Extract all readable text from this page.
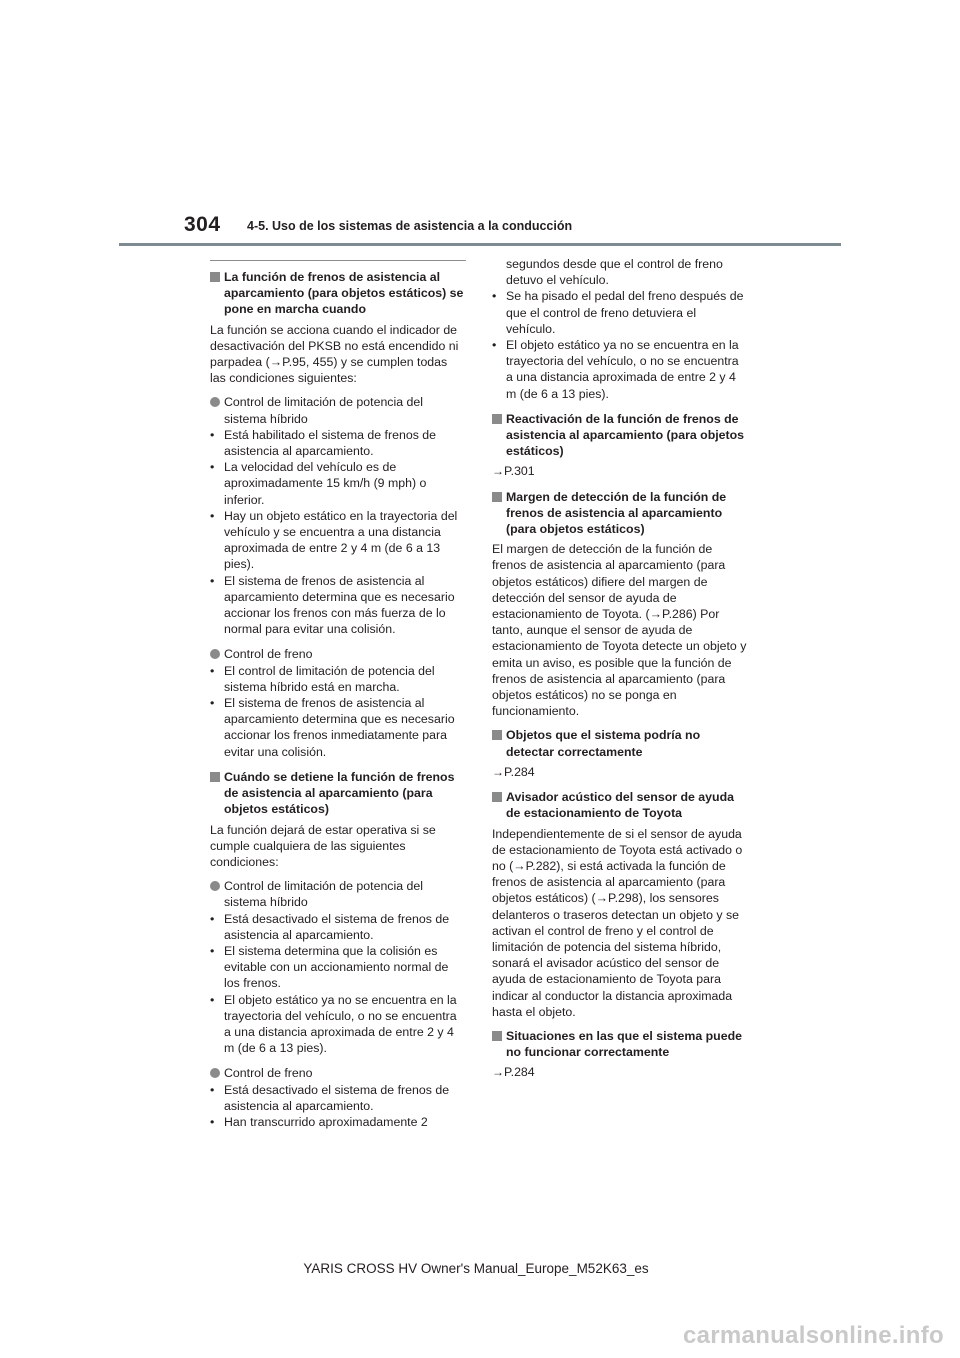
304 4-5. Uso de los sistemas de asistencia a la conducción
La función de frenos de asistencia al aparcamiento (para objetos estáticos) se pone en marcha cuando

La función se acciona cuando el indicador de desactivación del PKSB no está encendido ni parpadea (→P.95, 455) y se cumplen todas las condiciones siguientes:

Control de limitación de potencia del sistema híbrido
• Está habilitado el sistema de frenos de asistencia al aparcamiento.
• La velocidad del vehículo es de aproximadamente 15 km/h (9 mph) o inferior.
• Hay un objeto estático en la trayectoria del vehículo y se encuentra a una distancia aproximada de entre 2 y 4 m (de 6 a 13 pies).
• El sistema de frenos de asistencia al aparcamiento determina que es necesario accionar los frenos con más fuerza de lo normal para evitar una colisión.
Control de freno
• El control de limitación de potencia del sistema híbrido está en marcha.
• El sistema de frenos de asistencia al aparcamiento determina que es necesario accionar los frenos inmediatamente para evitar una colisión.
Cuándo se detiene la función de frenos de asistencia al aparcamiento (para objetos estáticos)

La función dejará de estar operativa si se cumple cualquiera de las siguientes condiciones:

Control de limitación de potencia del sistema híbrido
• Está desactivado el sistema de frenos de asistencia al aparcamiento.
• El sistema determina que la colisión es evitable con un accionamiento normal de los frenos.
• El objeto estático ya no se encuentra en la trayectoria del vehículo, o no se encuentra a una distancia aproximada de entre 2 y 4 m (de 6 a 13 pies).
Control de freno
• Está desactivado el sistema de frenos de asistencia al aparcamiento.
• Han transcurrido aproximadamente 2
segundos desde que el control de freno detuvo el vehículo.
• Se ha pisado el pedal del freno después de que el control de freno detuviera el vehículo.
• El objeto estático ya no se encuentra en la trayectoria del vehículo, o no se encuentra a una distancia aproximada de entre 2 y 4 m (de 6 a 13 pies).
Reactivación de la función de frenos de asistencia al aparcamiento (para objetos estáticos)
→P.301
Margen de detección de la función de frenos de asistencia al aparcamiento (para objetos estáticos)

El margen de detección de la función de frenos de asistencia al aparcamiento (para objetos estáticos) difiere del margen de detección del sensor de ayuda de estacionamiento de Toyota. (→P.286) Por tanto, aunque el sensor de ayuda de estacionamiento de Toyota detecte un objeto y emita un aviso, es posible que la función de frenos de asistencia al aparcamiento (para objetos estáticos) no se ponga en funcionamiento.

Objetos que el sistema podría no detectar correctamente
→P.284
Avisador acústico del sensor de ayuda de estacionamiento de Toyota

Independientemente de si el sensor de ayuda de estacionamiento de Toyota está activado o no (→P.282), si está activada la función de frenos de asistencia al aparcamiento (para objetos estáticos) (→P.298), los sensores delanteros o traseros detectan un objeto y se activan el control de freno y el control de limitación de potencia del sistema híbrido, sonará el avisador acústico del sensor de ayuda de estacionamiento de Toyota para indicar al conductor la distancia aproximada hasta el objeto.

Situaciones en las que el sistema puede no funcionar correctamente
→P.284
YARIS CROSS HV Owner's Manual_Europe_M52K63_es
carmanualsonline.info
